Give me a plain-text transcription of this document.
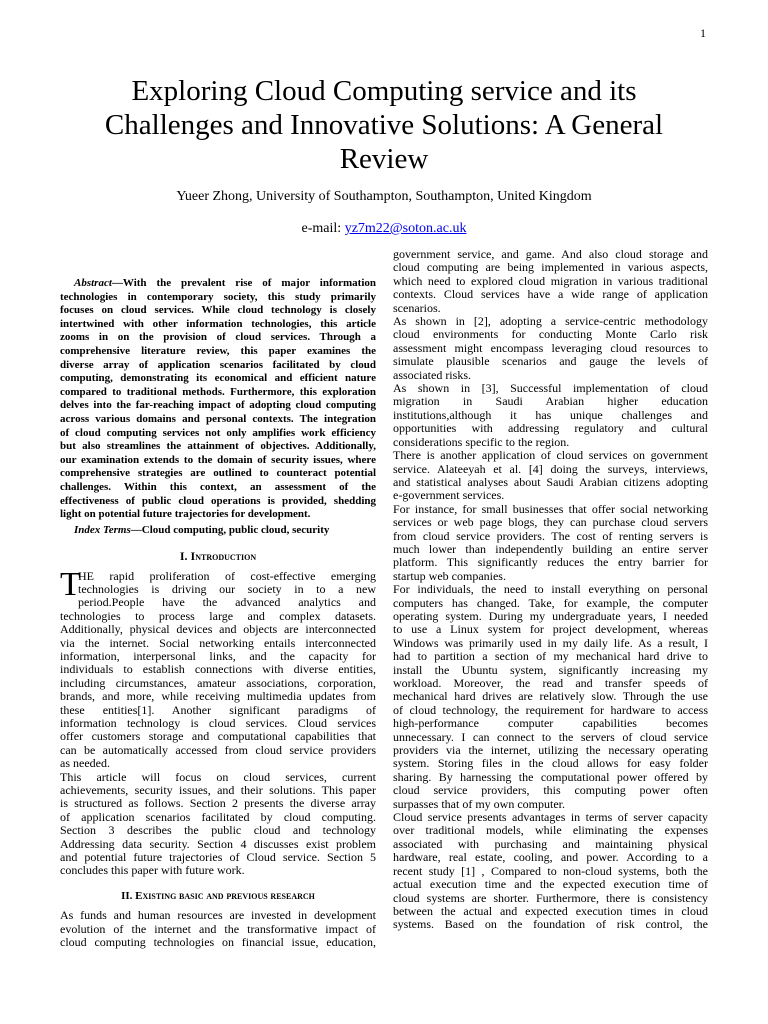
1
Exploring Cloud Computing service and its
Challenges and Innovative Solutions: A General
Review
Yueer Zhong, University of Southampton, Southampton, United Kingdom
e-mail: yz7m22@soton.ac.uk
Abstract—With the prevalent rise of major information
technologies in contemporary society, this study primarily
focuses on cloud services. While cloud technology is closely
intertwined with other information technologies, this article
zooms in on the provision of cloud services. Through a
comprehensive literature review, this paper examines the
diverse array of application scenarios facilitated by cloud
computing, demonstrating its economical and efficient nature
compared to traditional methods. Furthermore, this exploration
delves into the far-reaching impact of adopting cloud computing
across various domains and personal contexts. The integration
of cloud computing services not only amplifies work efficiency
but also streamlines the attainment of objectives. Additionally,
our examination extends to the domain of security issues, where
comprehensive strategies are outlined to counteract potential
challenges. Within this context, an assessment of the
effectiveness of public cloud operations is provided, shedding
light on potential future trajectories for development.
Index Terms—Cloud computing, public cloud, security
I. Introduction
T
HE rapid proliferation of cost-effective emerging
technologies is driving our society in to a new
period.People have the advanced analytics and
technologies to process large and complex datasets.
Additionally, physical devices and objects are interconnected
via the internet. Social networking entails interconnected
information, interpersonal links, and the capacity for
individuals to establish connections with diverse entities,
including circumstances, amateur associations, corporation,
brands, and more, while receiving multimedia updates from
these entities[1]. Another significant paradigms of
information technology is cloud services. Cloud services
offer customers storage and computational capabilities that
can be automatically accessed from cloud service providers
as needed.
This article will focus on cloud services, current
achievements, security issues, and their solutions. This paper
is structured as follows. Section 2 presents the diverse array
of application scenarios facilitated by cloud computing.
Section 3 describes the public cloud and technology
Addressing data security. Section 4 discusses exist problem
and potential future trajectories of Cloud service. Section 5
concludes this paper with future work.
II. Existing basic and previous research
As funds and human resources are invested in development
evolution of the internet and the transformative impact of
cloud computing technologies on financial issue, education,
government service, and game. And also cloud storage and
cloud computing are being implemented in various aspects,
which need to explored cloud migration in various traditional
contexts. Cloud services have a wide range of application
scenarios.
As shown in [2], adopting a service-centric methodology
cloud environments for conducting Monte Carlo risk
assessment might encompass leveraging cloud resources to
simulate plausible scenarios and gauge the levels of
associated risks.
As shown in [3], Successful implementation of cloud
migration in Saudi Arabian higher education
institutions,although it has unique challenges and
opportunities with addressing regulatory and cultural
considerations specific to the region.
There is another application of cloud services on government
service. Alateeyah et al. [4] doing the surveys, interviews,
and statistical analyses about Saudi Arabian citizens adopting
e-government services.
For instance, for small businesses that offer social networking
services or web page blogs, they can purchase cloud servers
from cloud service providers. The cost of renting servers is
much lower than independently building an entire server
platform. This significantly reduces the entry barrier for
startup web companies.
For individuals, the need to install everything on personal
computers has changed. Take, for example, the computer
operating system. During my undergraduate years, I needed
to use a Linux system for project development, whereas
Windows was primarily used in my daily life. As a result, I
had to partition a section of my mechanical hard drive to
install the Ubuntu system, significantly increasing my
workload. Moreover, the read and transfer speeds of
mechanical hard drives are relatively slow. Through the use
of cloud technology, the requirement for hardware to access
high-performance computer capabilities becomes
unnecessary. I can connect to the servers of cloud service
providers via the internet, utilizing the necessary operating
system. Storing files in the cloud allows for easy folder
sharing. By harnessing the computational power offered by
cloud service providers, this computing power often
surpasses that of my own computer.
Cloud service presents advantages in terms of server capacity
over traditional models, while eliminating the expenses
associated with purchasing and maintaining physical
hardware, real estate, cooling, and power. According to a
recent study [1] , Compared to non-cloud systems, both the
actual execution time and the expected execution time of
cloud systems are shorter. Furthermore, there is consistency
between the actual and expected execution times in cloud
systems. Based on the foundation of risk control, the
